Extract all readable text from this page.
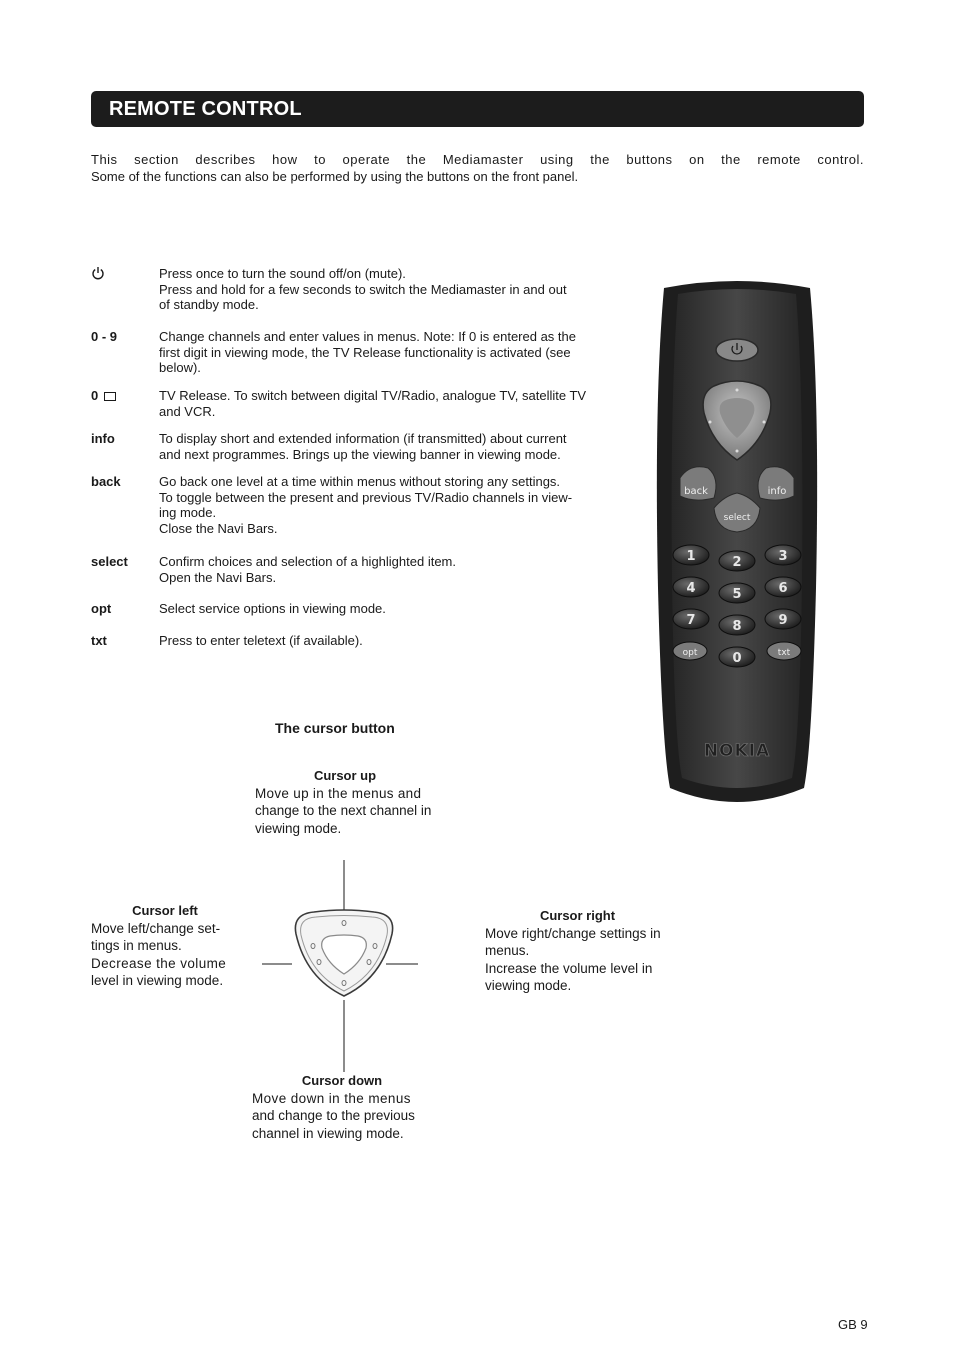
REMOTE CONTROL

This section describes how to operate the Mediamaster using the buttons on the remote control.
Some of the functions can also be performed by using the buttons on the front panel.

Press once to turn the sound off/on (mute).
Press and hold for a few seconds to switch the Mediamaster in and out
of standby mode.
0 - 9	Change channels and enter values in menus. Note: If 0 is entered as the
first digit in viewing mode, the TV Release functionality is activated (see
below).
0	TV Release. To switch between digital TV/Radio, analogue TV, satellite TV
and VCR.
info	To display short and extended information (if transmitted) about current
and next programmes. Brings up the viewing banner in viewing mode.
back	Go back one level at a time within menus without storing any settings.
To toggle between the present and previous TV/Radio channels in view-
ing mode.
Close the Navi Bars.
select Confirm choices and selection of a highlighted item.
Open the Navi Bars.
opt	Select service options in viewing mode.
txt	Press to enter teletext (if available).
back	info
select
1	2	3
4	5	6
7	8	9
0
opt	txt
NOKIA
The cursor button
Cursor up
Move up in the menus and
change to the next channel in
viewing mode.
Cursor left
Move left/change set-
tings in menus.
Decrease the volume
level in viewing mode.
Cursor right
Move right/change settings in
menus.
Increase the volume level in
viewing mode.
Cursor down
Move down in the menus
and change to the previous
channel in viewing mode.
GB 9
